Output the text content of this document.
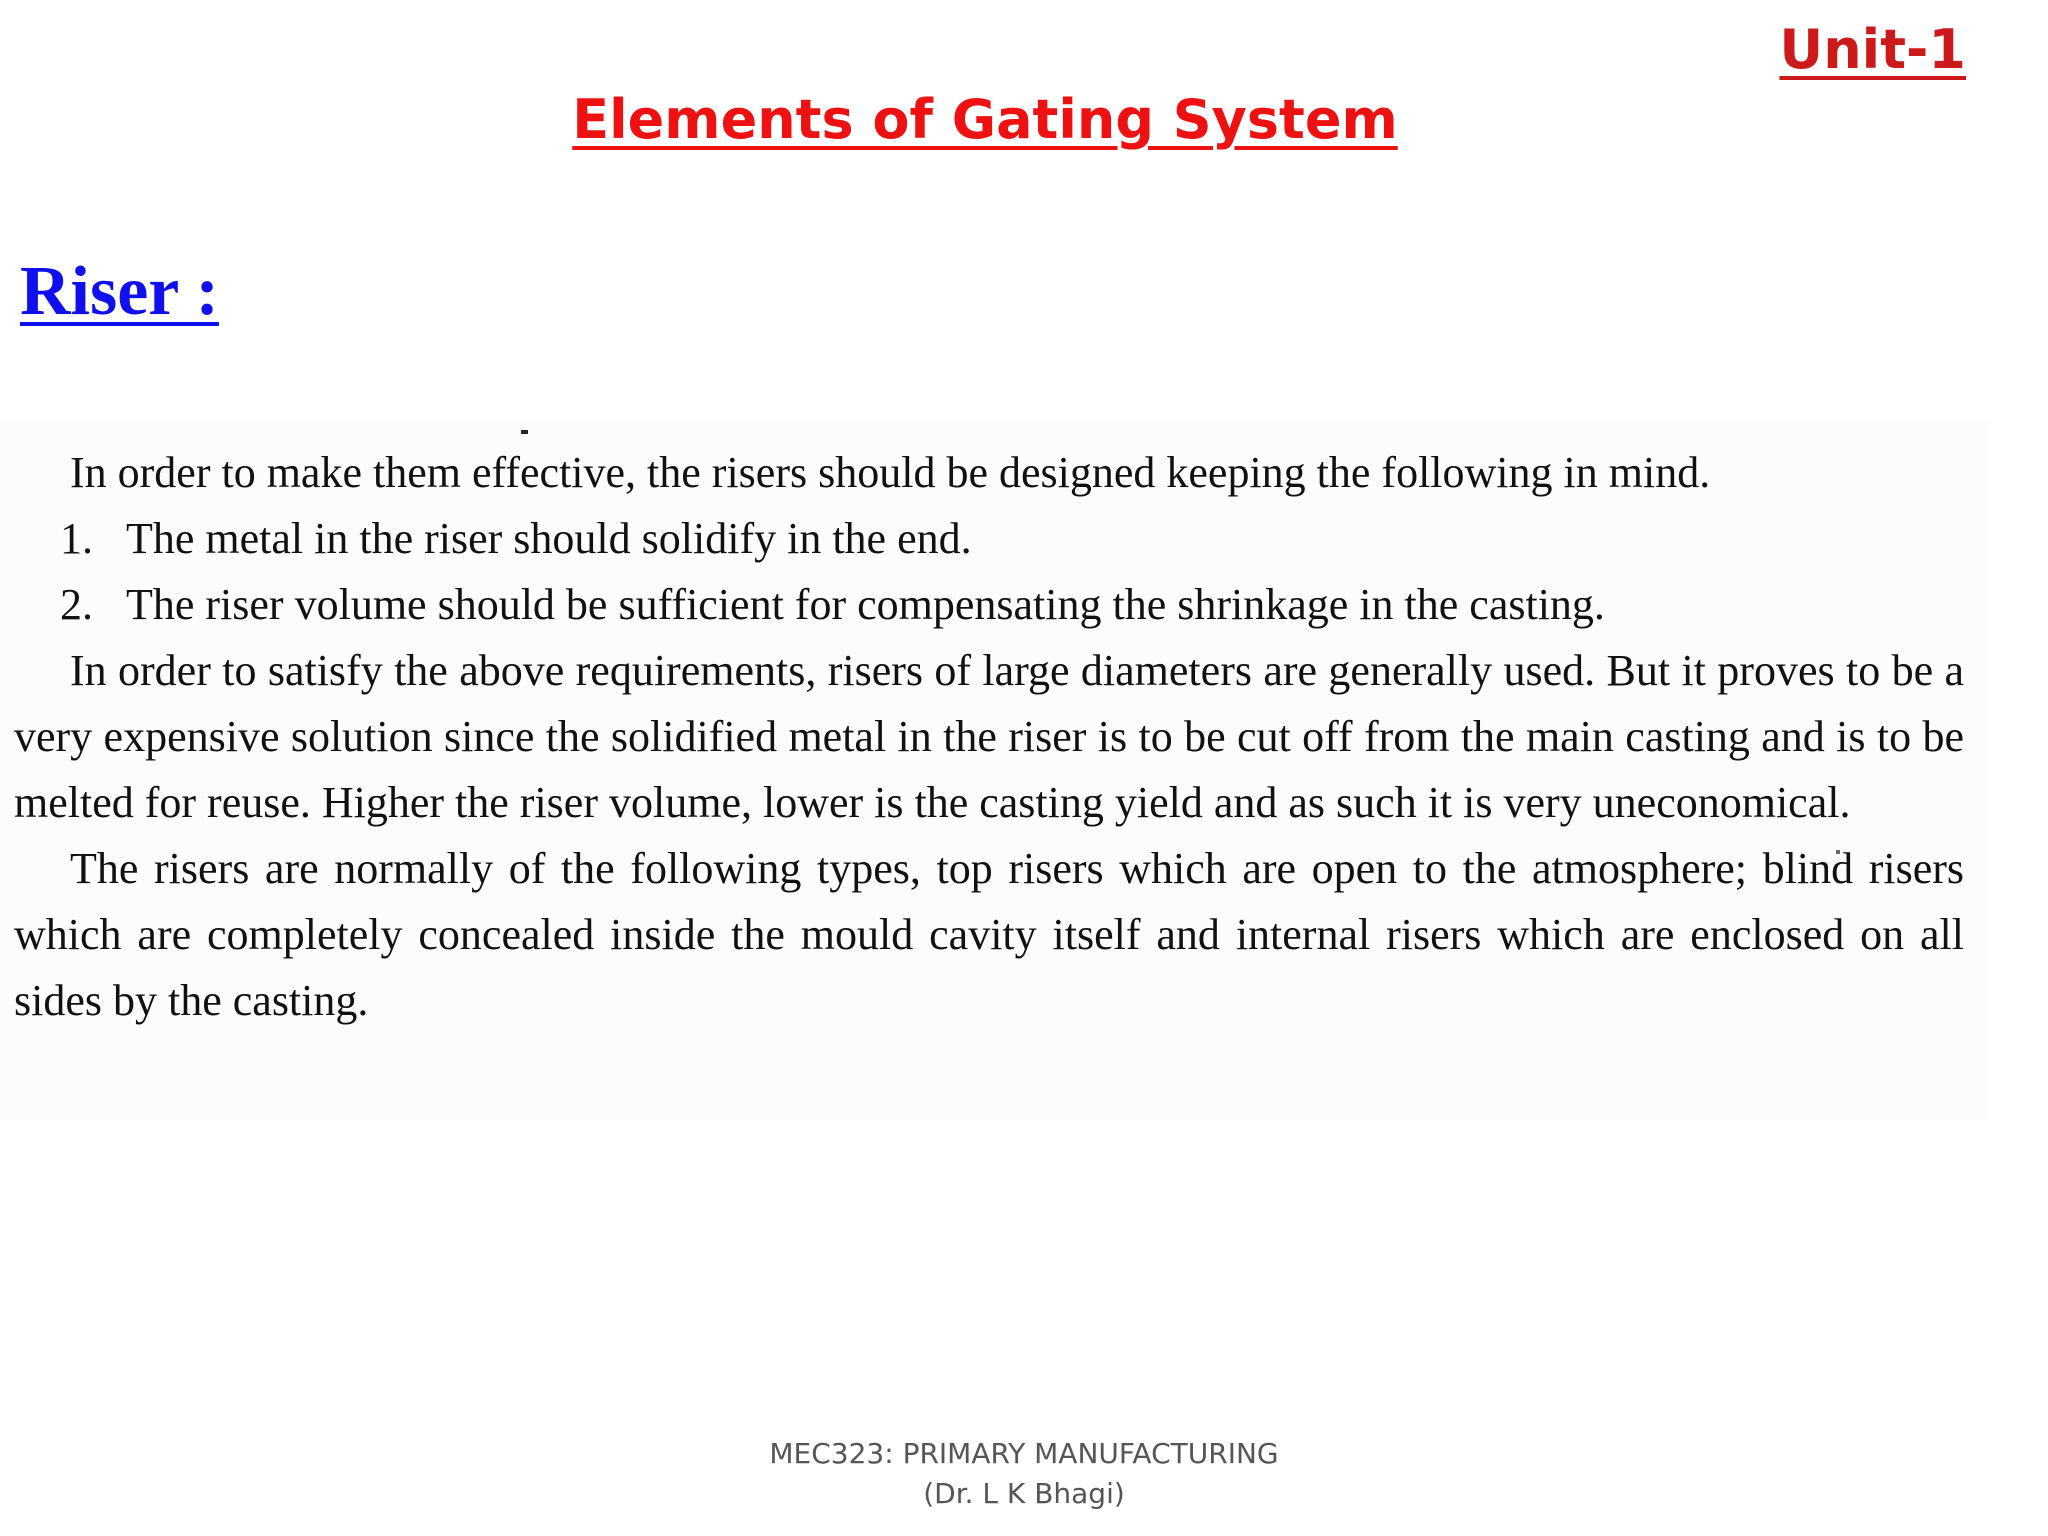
Unit-1
Elements of Gating System
Riser :

In order to make them effective, the risers should be designed keeping the following in mind.

1. The metal in the riser should solidify in the end.
2. The riser volume should be sufficient for compensating the shrinkage in the casting.

In order to satisfy the above requirements, risers of large diameters are generally used. But it proves to be a very expensive solution since the solidified metal in the riser is to be cut off from the main casting and is to be melted for reuse. Higher the riser volume, lower is the casting yield and as such it is very uneconomical.

The risers are normally of the following types, top risers which are open to the atmosphere; blind risers which are completely concealed inside the mould cavity itself and internal risers which are enclosed on all sides by the casting.

MEC323: PRIMARY MANUFACTURING
(Dr. L K Bhagi)
